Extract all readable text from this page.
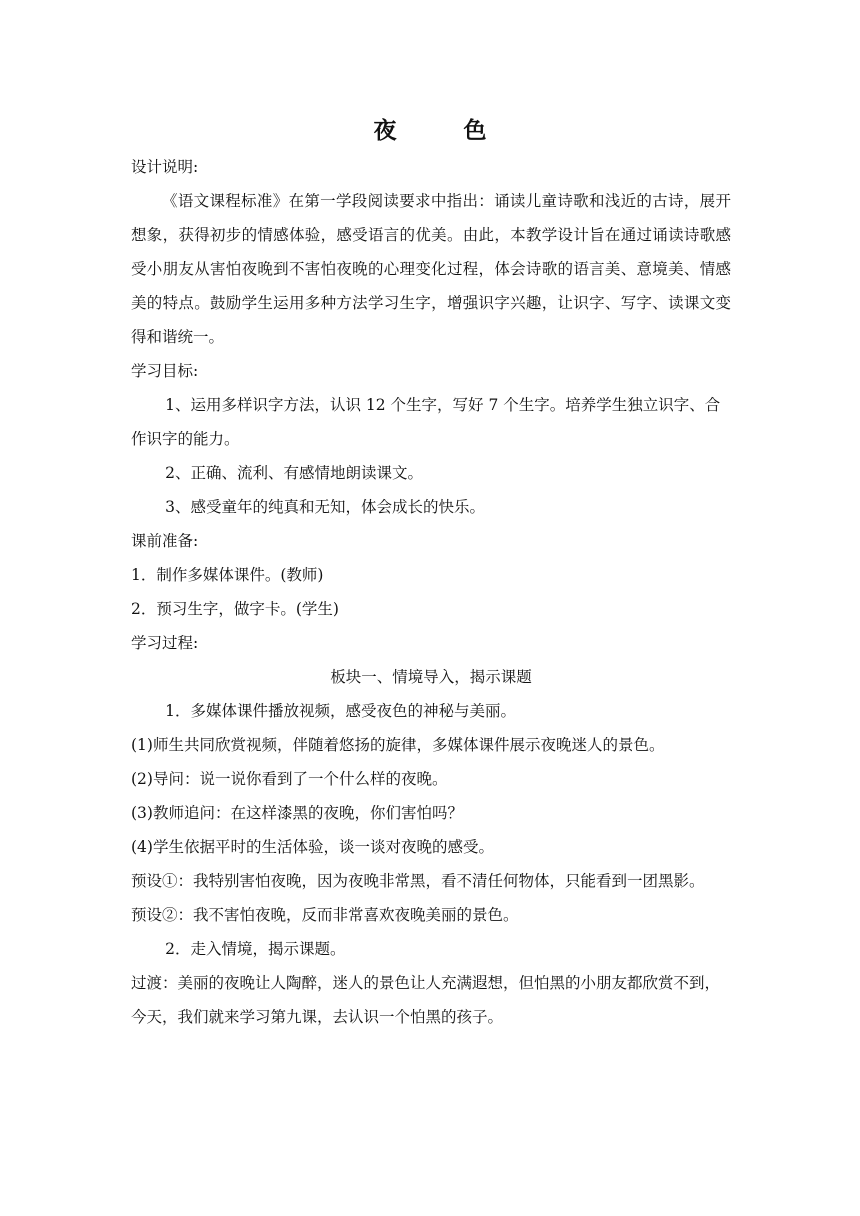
夜　色

设计说明:

《语文课程标准》在第一学段阅读要求中指出：诵读儿童诗歌和浅近的古诗，展开想象，获得初步的情感体验，感受语言的优美。由此，本教学设计旨在通过诵读诗歌感受小朋友从害怕夜晚到不害怕夜晚的心理变化过程，体会诗歌的语言美、意境美、情感美的特点。鼓励学生运用多种方法学习生字，增强识字兴趣，让识字、写字、读课文变得和谐统一。

学习目标:

1、运用多样识字方法，认识 12 个生字，写好 7 个生字。培养学生独立识字、合作识字的能力。

2、正确、流利、有感情地朗读课文。

3、感受童年的纯真和无知，体会成长的快乐。

课前准备:

1．制作多媒体课件。(教师)

2．预习生字，做字卡。(学生)

学习过程:

板块一、情境导入，揭示课题

1．多媒体课件播放视频，感受夜色的神秘与美丽。

(1)师生共同欣赏视频，伴随着悠扬的旋律，多媒体课件展示夜晚迷人的景色。

(2)导问：说一说你看到了一个什么样的夜晚。

(3)教师追问：在这样漆黑的夜晚，你们害怕吗？

(4)学生依据平时的生活体验，谈一谈对夜晚的感受。

预设①：我特别害怕夜晚，因为夜晚非常黑，看不清任何物体，只能看到一团黑影。

预设②：我不害怕夜晚，反而非常喜欢夜晚美丽的景色。

2．走入情境，揭示课题。

过渡：美丽的夜晚让人陶醉，迷人的景色让人充满遐想，但怕黑的小朋友都欣赏不到，今天，我们就来学习第九课，去认识一个怕黑的孩子。
